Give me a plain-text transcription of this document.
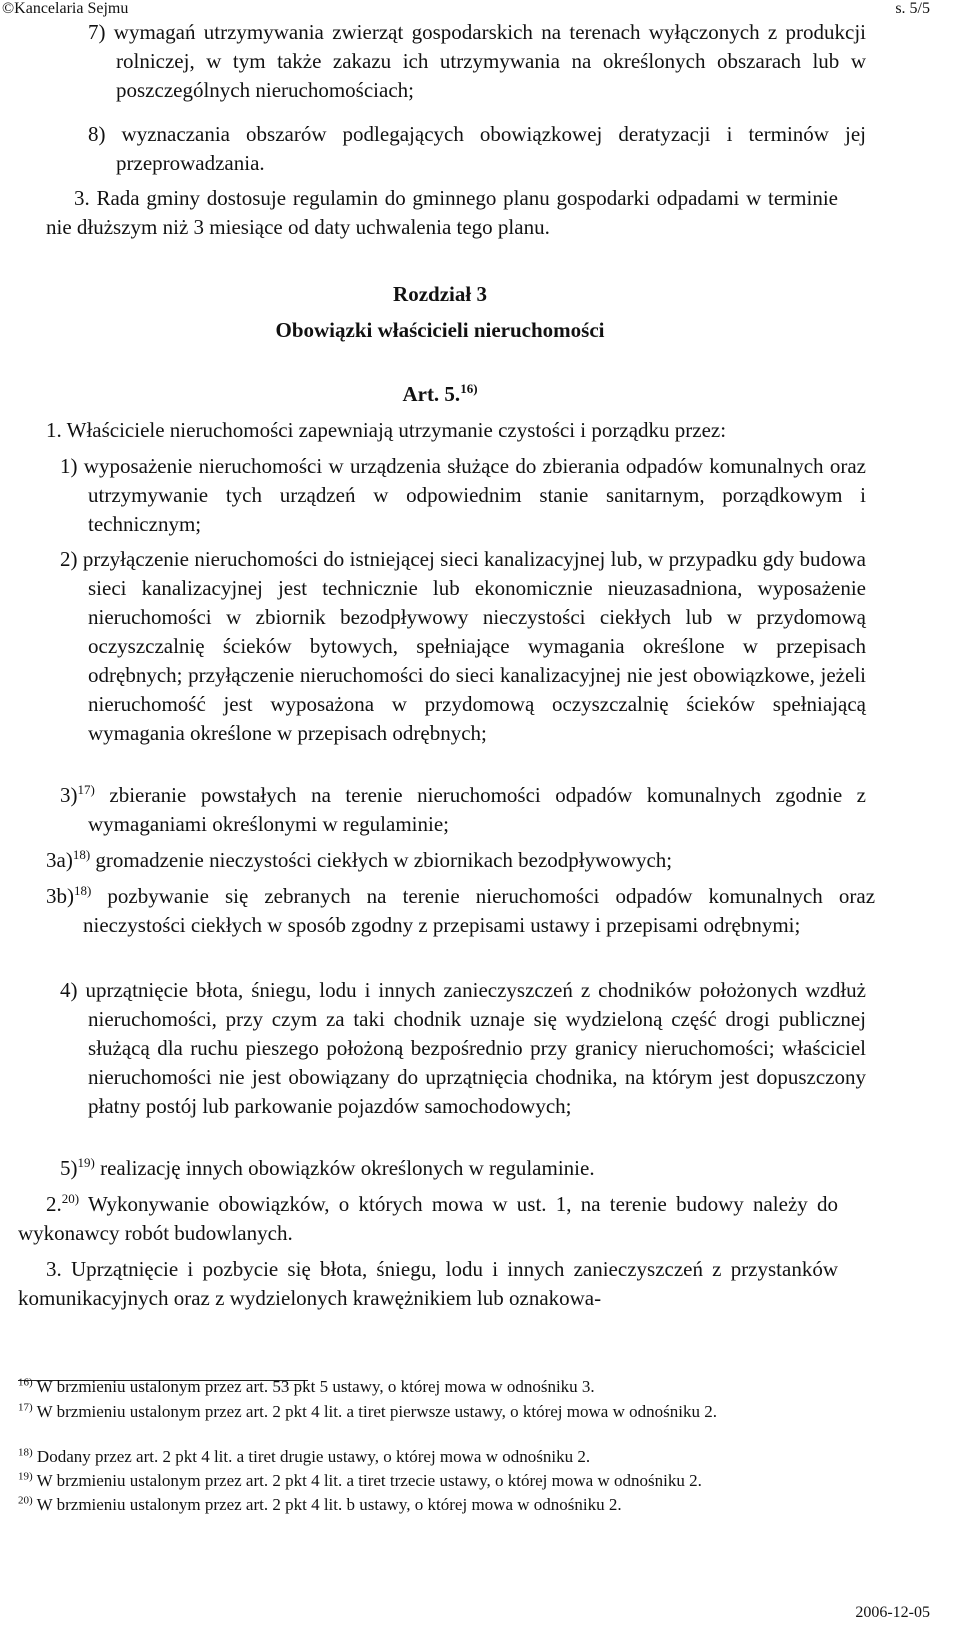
©Kancelaria Sejmu	s. 5/5

7) wymagań utrzymywania zwierząt gospodarskich na terenach wyłączonych z produkcji rolniczej, w tym także zakazu ich utrzymywania na określonych obszarach lub w poszczególnych nieruchomościach;

8) wyznaczania obszarów podlegających obowiązkowej deratyzacji i terminów jej przeprowadzania.

3. Rada gminy dostosuje regulamin do gminnego planu gospodarki odpadami w terminie nie dłuższym niż 3 miesiące od daty uchwalenia tego planu.

Rozdział 3
Obowiązki właścicieli nieruchomości
Art. 5.$^{16)}$

1. Właściciele nieruchomości zapewniają utrzymanie czystości i porządku przez:

1) wyposażenie nieruchomości w urządzenia służące do zbierania odpadów komunalnych oraz utrzymywanie tych urządzeń w odpowiednim stanie sanitarnym, porządkowym i technicznym;

2) przyłączenie nieruchomości do istniejącej sieci kanalizacyjnej lub, w przypadku gdy budowa sieci kanalizacyjnej jest technicznie lub ekonomicznie nieuzasadniona, wyposażenie nieruchomości w zbiornik bezodpływowy nieczystości ciekłych lub w przydomową oczyszczalnię ścieków bytowych, spełniające wymagania określone w przepisach odrębnych; przyłączenie nieruchomości do sieci kanalizacyjnej nie jest obowiązkowe, jeżeli nieruchomość jest wyposażona w przydomową oczyszczalnię ścieków spełniającą wymagania określone w przepisach odrębnych;

3)$^{17)}$ zbieranie powstałych na terenie nieruchomości odpadów komunalnych zgodnie z wymaganiami określonymi w regulaminie;

3a)$^{18)}$ gromadzenie nieczystości ciekłych w zbiornikach bezodpływowych;

3b)$^{18)}$ pozbywanie się zebranych na terenie nieruchomości odpadów komunalnych oraz nieczystości ciekłych w sposób zgodny z przepisami ustawy i przepisami odrębnymi;

4) uprzątnięcie błota, śniegu, lodu i innych zanieczyszczeń z chodników położonych wzdłuż nieruchomości, przy czym za taki chodnik uznaje się wydzieloną część drogi publicznej służącą dla ruchu pieszego położoną bezpośrednio przy granicy nieruchomości; właściciel nieruchomości nie jest obowiązany do uprzątnięcia chodnika, na którym jest dopuszczony płatny postój lub parkowanie pojazdów samochodowych;

5)$^{19)}$ realizację innych obowiązków określonych w regulaminie.

2.$^{20)}$ Wykonywanie obowiązków, o których mowa w ust. 1, na terenie budowy należy do wykonawcy robót budowlanych.

3. Uprzątnięcie i pozbycie się błota, śniegu, lodu i innych zanieczyszczeń z przystanków komunikacyjnych oraz z wydzielonych krawężnikiem lub oznakowa-

$^{16)}$ W brzmieniu ustalonym przez art. 53 pkt 5 ustawy, o której mowa w odnośniku 3.
$^{17)}$ W brzmieniu ustalonym przez art. 2 pkt 4 lit. a tiret pierwsze ustawy, o której mowa w odnośniku 2.
$^{18)}$ Dodany przez art. 2 pkt 4 lit. a tiret drugie ustawy, o której mowa w odnośniku 2.
$^{19)}$ W brzmieniu ustalonym przez art. 2 pkt 4 lit. a tiret trzecie ustawy, o której mowa w odnośniku 2.
$^{20)}$ W brzmieniu ustalonym przez art. 2 pkt 4 lit. b ustawy, o której mowa w odnośniku 2.
2006-12-05
